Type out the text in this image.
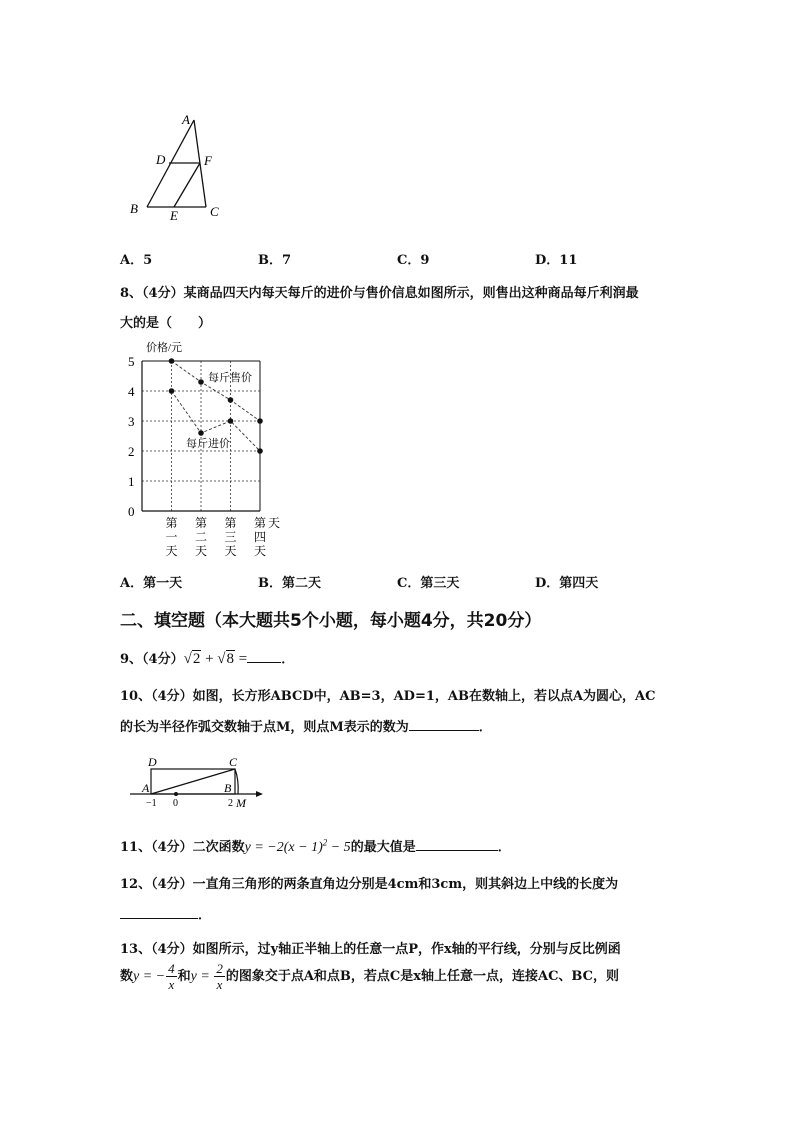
A
D	F
B E C
A．5	B．7	C．9	D．11
8、（4分）某商品四天内每天每斤的进价与售价信息如图所示，则售出这种商品每斤利润最
大的是（　　）
价格/元
天
0
1
2
3
4
5
第
一
天
第
二
天
第
三
天
第
四
天
每斤售价
每斤进价
A．第一天	B．第二天	C．第三天	D．第四天
二、填空题（本大题共5个小题，每小题4分，共20分）
9、（4分）√2 + √8 =	．
10、（4分）如图，长方形ABCD中，AB=3，AD=1，AB在数轴上，若以点A为圆心，AC
的长为半径作弧交数轴于点M，则点M表示的数为	．
D	C
A	B
M
−1 0	2
11、（4分）二次函数$y = -2(x - 1)^2 - 5$的最大值是	．
12、（4分）一直角三角形的两条直角边分别是4cm和3cm，则其斜边上中线的长度为
．
13、（4分）如图所示，过y轴正半轴上的任意一点P，作x轴的平行线，分别与反比例函
数y = − $\frac{4}{x}$ 和$y = \frac{2}{x}$ 的图象交于点A和点B，若点C是x轴上任意一点，连接AC、BC，则
